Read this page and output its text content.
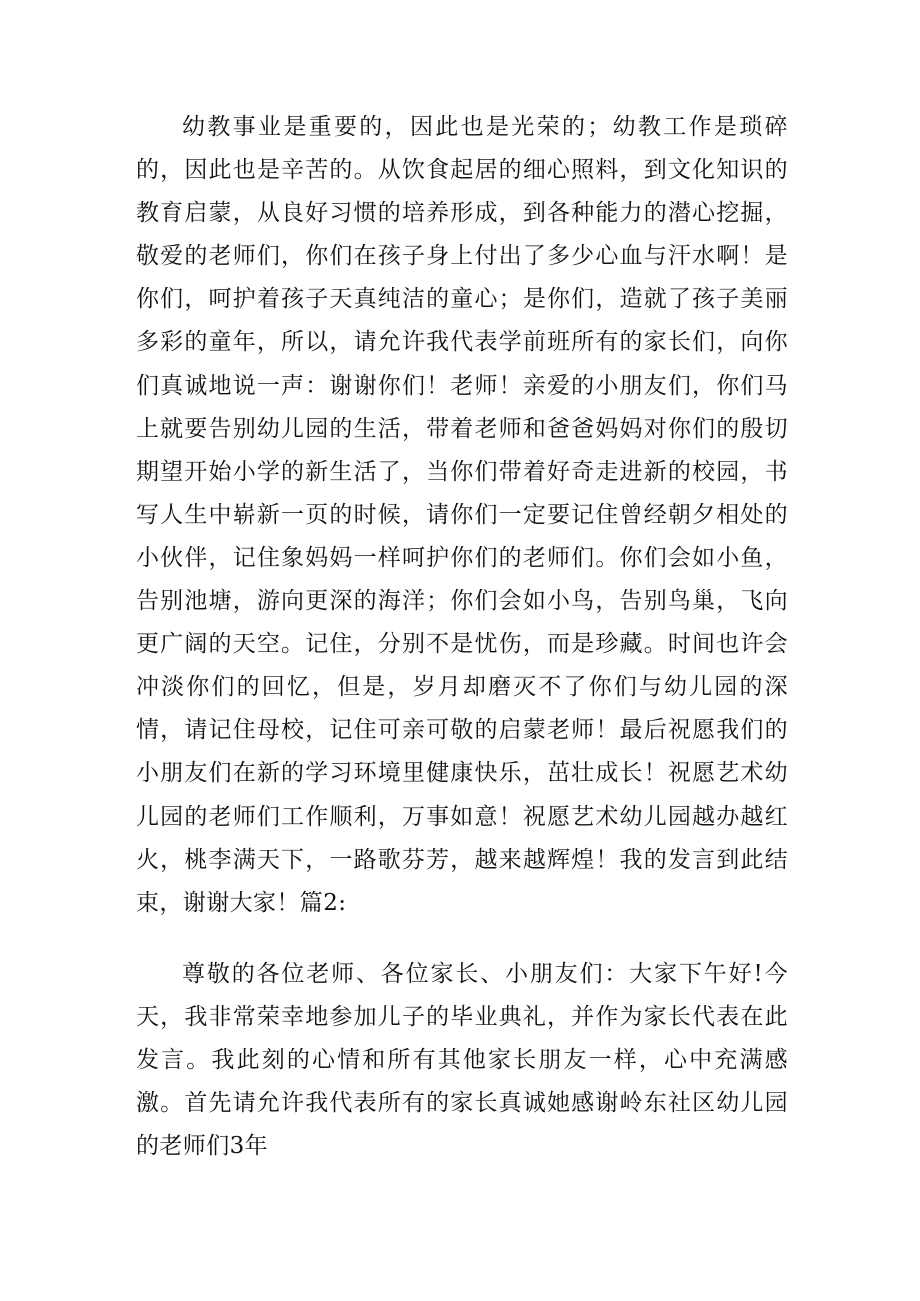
幼教事业是重要的，因此也是光荣的；幼教工作是琐碎的，因此也是辛苦的。从饮食起居的细心照料，到文化知识的教育启蒙，从良好习惯的培养形成，到各种能力的潜心挖掘，敬爱的老师们，你们在孩子身上付出了多少心血与汗水啊！是你们，呵护着孩子天真纯洁的童心；是你们，造就了孩子美丽多彩的童年，所以，请允许我代表学前班所有的家长们，向你们真诚地说一声：谢谢你们！老师！亲爱的小朋友们，你们马上就要告别幼儿园的生活，带着老师和爸爸妈妈对你们的殷切期望开始小学的新生活了，当你们带着好奇走进新的校园，书写人生中崭新一页的时候，请你们一定要记住曾经朝夕相处的小伙伴，记住象妈妈一样呵护你们的老师们。你们会如小鱼，告别池塘，游向更深的海洋；你们会如小鸟，告别鸟巢，飞向更广阔的天空。记住，分别不是忧伤，而是珍藏。时间也许会冲淡你们的回忆，但是，岁月却磨灭不了你们与幼儿园的深情，请记住母校，记住可亲可敬的启蒙老师！最后祝愿我们的小朋友们在新的学习环境里健康快乐，茁壮成长！祝愿艺术幼儿园的老师们工作顺利，万事如意！祝愿艺术幼儿园越办越红火，桃李满天下，一路歌芬芳，越来越辉煌！我的发言到此结束，谢谢大家！篇2:

尊敬的各位老师、各位家长、小朋友们：大家下午好!今天，我非常荣幸地参加儿子的毕业典礼，并作为家长代表在此发言。我此刻的心情和所有其他家长朋友一样，心中充满感激。首先请允许我代表所有的家长真诚她感谢岭东社区幼儿园的老师们3年
